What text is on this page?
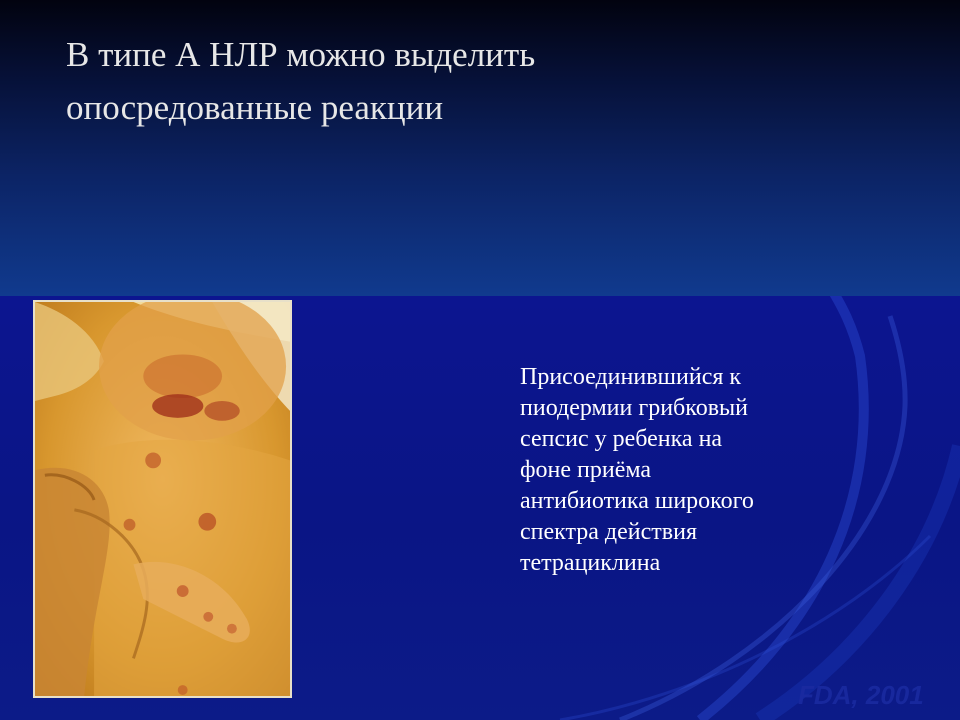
В типе А НЛР можно выделить
опосредованные реакции
Присоединившийся к
пиодермии грибковый
сепсис у ребенка на
фоне приёма
антибиотика широкого
спектра действия
тетрациклина
FDA, 2001
